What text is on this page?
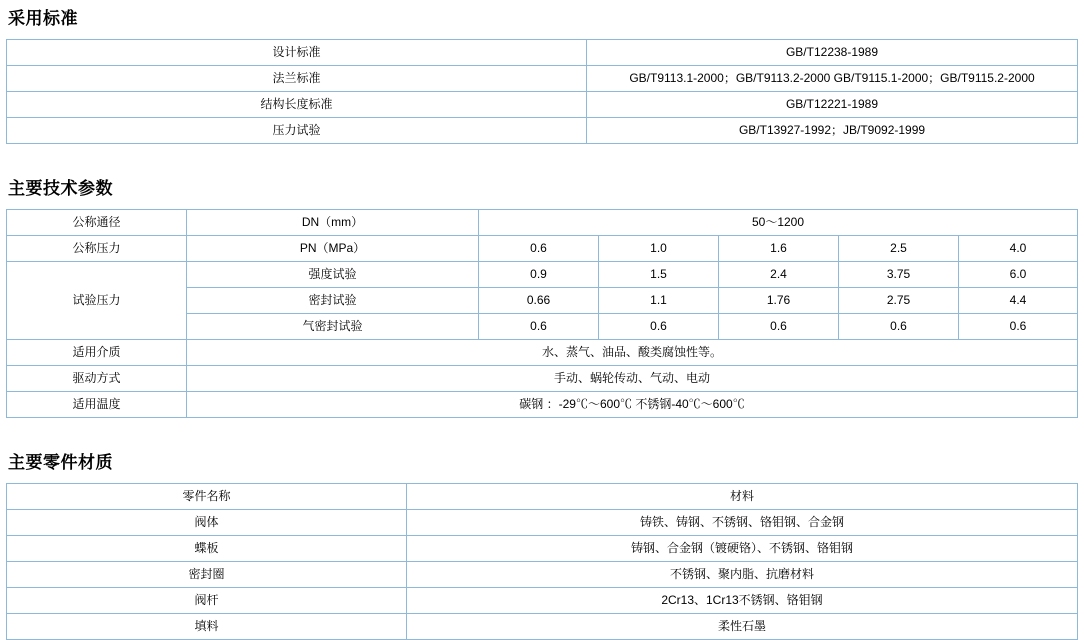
采用标准
设计标准	GB/T12238-1989
法兰标准	GB/T9113.1-2000；GB/T9113.2-2000 GB/T9115.1-2000；GB/T9115.2-2000
结构长度标准	GB/T12221-1989
压力试验	GB/T13927-1992；JB/T9092-1999
主要技术参数
公称通径	DN（mm）	50～1200				
公称压力	PN（MPa）	0.6	1.0	1.6	2.5	4.0
试验压力	强度试验	0.9	1.5	2.4	3.75	6.0
	密封试验	0.66	1.1	1.76	2.75	4.4
	气密封试验	0.6	0.6	0.6	0.6	0.6
适用介质	水、蒸气、油品、酸类腐蚀性等。					
驱动方式	手动、蜗轮传动、气动、电动					
适用温度	碳钢 ：-29℃～600℃ 不锈钢-40℃～600℃					
主要零件材质
零件名称	材料
阀体	铸铁、铸钢、不锈钢、铬钼钢、合金钢
蝶板	铸钢、合金钢（镀硬铬）、不锈钢、铬钼钢
密封圈	不锈钢、聚内脂、抗磨材料
阀杆	2Cr13、1Cr13不锈钢、铬钼钢
填料	柔性石墨
